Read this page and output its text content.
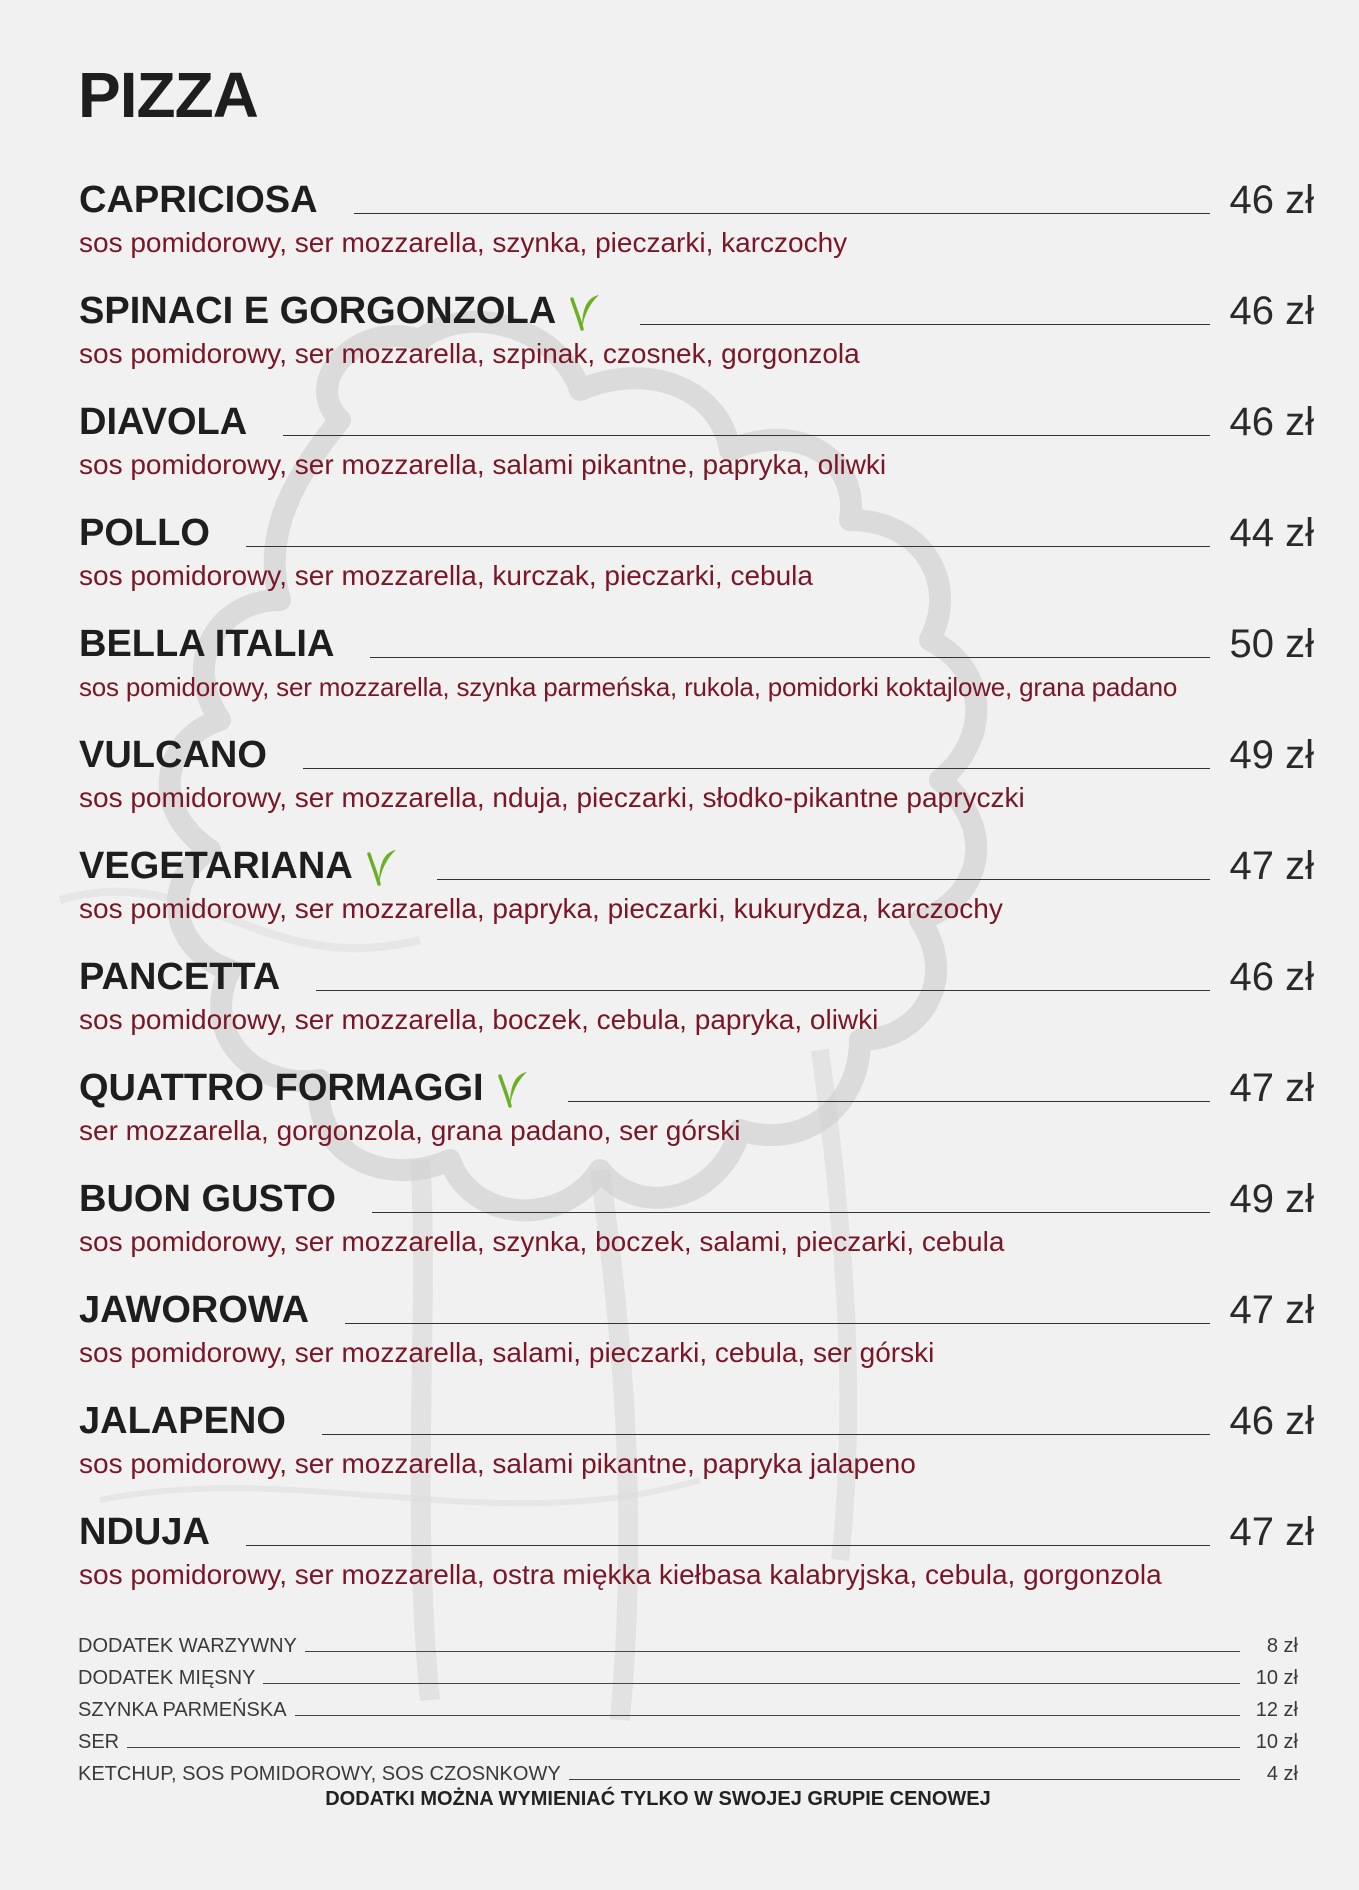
PIZZA
CAPRICIOSA	46 zł
sos pomidorowy, ser mozzarella, szynka, pieczarki, karczochy
SPINACI E GORGONZOLA	46 zł
sos pomidorowy, ser mozzarella, szpinak, czosnek, gorgonzola
DIAVOLA	46 zł
sos pomidorowy, ser mozzarella, salami pikantne, papryka, oliwki
POLLO	44 zł
sos pomidorowy, ser mozzarella, kurczak, pieczarki, cebula
BELLA ITALIA	50 zł
sos pomidorowy, ser mozzarella, szynka parmeńska, rukola, pomidorki koktajlowe, grana padano
VULCANO	49 zł
sos pomidorowy, ser mozzarella, nduja, pieczarki, słodko-pikantne papryczki
VEGETARIANA	47 zł
sos pomidorowy, ser mozzarella, papryka, pieczarki, kukurydza, karczochy
PANCETTA	46 zł
sos pomidorowy, ser mozzarella, boczek, cebula, papryka, oliwki
QUATTRO FORMAGGI	47 zł
ser mozzarella, gorgonzola, grana padano, ser górski
BUON GUSTO	49 zł
sos pomidorowy, ser mozzarella, szynka, boczek, salami, pieczarki, cebula
JAWOROWA	47 zł
sos pomidorowy, ser mozzarella, salami, pieczarki, cebula, ser górski
JALAPENO	46 zł
sos pomidorowy, ser mozzarella, salami pikantne, papryka jalapeno
NDUJA	47 zł
sos pomidorowy, ser mozzarella, ostra miękka kiełbasa kalabryjska, cebula, gorgonzola
DODATEK WARZYWNY	8 zł
DODATEK MIĘSNY	10 zł
SZYNKA PARMEŃSKA	12 zł
SER	10 zł
KETCHUP, SOS POMIDOROWY, SOS CZOSNKOWY	4 zł
DODATKI MOŻNA WYMIENIAĆ TYLKO W SWOJEJ GRUPIE CENOWEJ
